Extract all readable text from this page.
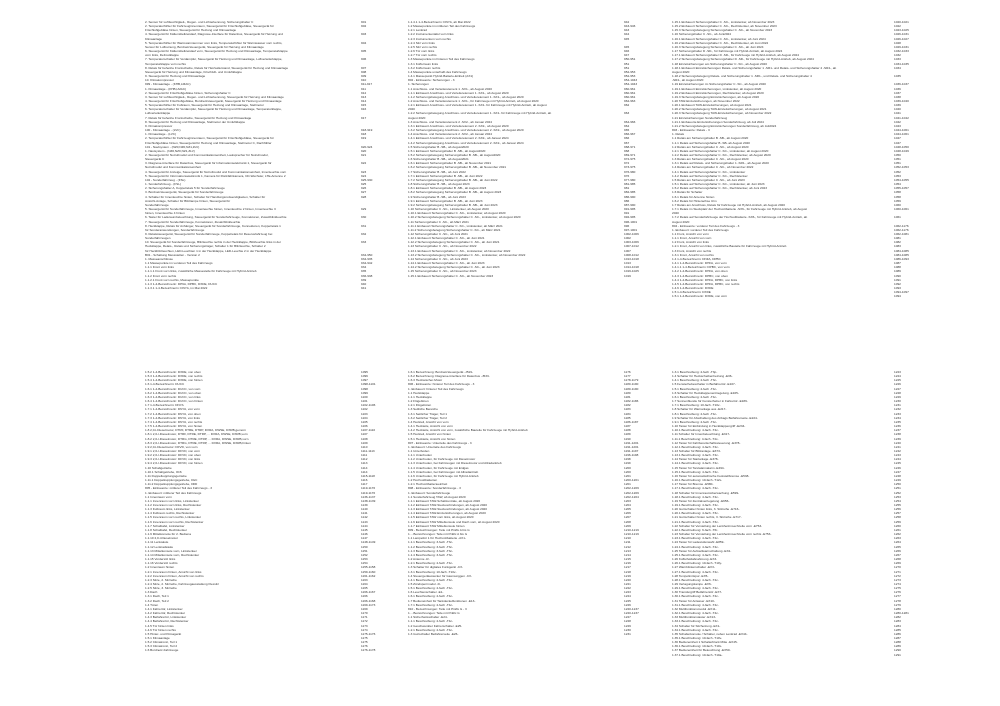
2. Sensor für Luftfeuchtigkeit-, Regen- und Lichterkennung, Sicherungshalter C	901
2. Temperaturfühler für Fahrzeuginnenraum, Steuergerät für Frischluftgebläse, Steuergerät für	902
Frischluftgebläse hinten, Steuergerät für Heizung und Klimaanlage
4. Steuergerät für Kältemittelkreislauf, Diagnose-Interface für Datenbus, Steuergerät für Heizung und	903
Klimaanlage
5. Temperaturfühler für Warmwarmtemmer vom links, Temperaturfühler für Warmwasser vorn rechts,	904
Sensor für Luftreinung, Bordnetzsteuergerät, Steuergerät für Heizung und Klimaanlage
6. Steuergerät für Kältemittelkreislauf vorn, Steuergerät für Heizung und Klimaanlage, Temperaturklappe	905
vorn links, Defrostklappe
7. Temperaturschalter für Verdampfer, Steuergerät für Heizung und Klimaanlage, Luftverteilerklappe,	906
Temperaturklappe vorn rechts
8. Relais für beheizte Frontscheibe, Relais für Heizwiderstand, Steuergerät für Heizung und Klimaanlage	907
Steuergerät für Heizung und Klimaanlage, Frischluft- und Umluftklappe	908
9. Steuergerät für Heizung und Klimaanlage	909
10. Klimakompressor	910
999 - Klimaanlage - (KHB,LMAC)	911-917
1. Klimaanlage - (KHB,LMAC)	911
2. Steuergerät für Frischluftgebläse hinten, Sicherungshalter C	912
3. Sensor für Luftfeuchtigkeit-, Regen- und Lichterkennung, Steuergerät für Heizung und Klimaanlage	913
4. Steuergerät für Frischluftgebläse, Bordnetzsteuergerät, Steuergerät für Heizung und Klimaanlage	914
5. Temperaturfühler für Fußraum, Steuergerät für Heizung und Klimaanlage, Stellmotor	915
6. Temperaturschalter für Verdampfer, Steuergerät für Heizung und Klimaanlage, Temperaturklappe,	916
Luftverteilerklappe
7. Relais für beheizte Frontscheibe, Steuergerät für Heizung und Klimaanlage	917
8. Steuergerät für Heizung und Klimaanlage, Stellmotor der Umluftklappe
9. Klimakompressor
100 - Klimaanlage - (LVC)	918-919
1. Klimaanlage - (LVC)	918
2. Temperaturfühler für Fahrzeuginnenraum, Steuergerät für Frischluftgebläse, Steuergerät für	919
Frischluftgebläse hinten, Steuergerät für Heizung und Klimaanlage, Stellmotor C, Dachfühler
101 - Navisystem - (NZ0,NZ0,NZ1,ZLV)	920-924
1. Navisystem - (NZ0,NZ0,NZ1,ZLV)	920
2. Steuergerät für Notrufmodul und Kommunikationseinheit, Lautsprecher für Notrufmodul,	921
Steuergerät C
3. Diagnose-Interface für Datenbus, Steuergerät für Informationselektronik 1, Steuergerät für	922
Notrufmodul und Kommunikationseinheit
4. Steuergerät für Anzeige, Steuergerät für Notrufmodul und Kommunikationseinheit, Innenleuchte vorn	923
5. Steuergerät für Informationselektronik 1, Kamera für Rückfahrkamera, CD-Wechsler, LTE-Antenne 2	924
102 - Sonderfahrzeug - (FSL)	925-930
1. Sonderfahrzeug - (FSL)	925
2. Sicherungshalter A, Koppelrelais 5 für Sonderfahrzeuge	926
3. Bordnetzsteuergerät, Steuergerät für Sonderfahrzeuge	927
4. Schalter für Innenleuchte hinten, Schalter für Handlungsnotwendigkeiten, Schalter für	928
Ansicht-Anlage, Schalter für Blitzlampe hinten, Steuergerät für
Sonderfahrzeuge
5. Steuergerät für Sonderfahrzeuge, Innenleuchte hinten, Innenleuchte 2 hinten, Innenleuchte 3	929
hinten, Innenleuchte 4 hinten
6. Taster für Laderaumbeleuchtung, Steuergerät für Sonderfahrzeuge, Konnektoren, Zusatzblinkleuchte	930
7. Steuergerät für Sonderfahrzeuge, Konnektoren, Zusatzblinkleuchte
8. Heckklappe, Relais für Anhänger, Steuergerät für Sonderfahrzeuge, Konnektoren, Koppelrelais 1	931
für Sonderanwendungen, Sonderfahrzeuge
9. Relaissteuergerät, Steuergerät für Sonderfahrzeuge, Koppelrelais für Reservefahrzeug bei	932
Sonderfahrzeugen
10. Steuergerät für Sonderfahrzeuge, Blitzleuchte rechts in der Heckklappe, Blitzleuchte links in der	933
Heckklappe, Relais-, Relais und Sicherungsträger, Schalter 1 für Blitzleuchte, Schalter 2
für Heckblitzleuchten, LED-Leuchten 1 in der Heckklappe, LED-Leuchte 2 in der Heckklappe
B01 - Schaltung Messstellen - Version 2	934-950
1. Masseanschlüsse	934-935
1.1 Massepunkte im vorderen Teil des Fahrzeugs	934-942
1.1.1 Front vorn links	934
1.1.1.1 Front vorn links, zusätzliche Massestelle für Fahrzeuge mit Hybrid-Antrieb	935
1.1.2 Front vorn rechts	936-938
1.1.2.1 Front vorn rechts, Massepunkte	939
1.1.3 1-4-Bezeichnerin: DP9A, DPBC, DXDE, DUCC	940
1.1.3.1 1-4-Bezeichnerin: DNYA, im Mai 2022	941
1.1.4.1 1-4-Bezeichnerin: DNYA, ab Mai 2022	942
1.2 Massepunkte im mittleren Teil des Fahrzeugs	943-946
1.2.1 Lenkrad	943
1.2.2 Instrumententafel vorn links	944
1.2.3 Instrumentum vorn rechts	945
1.2.4 Sitz vorn links
1.2.5 Sitz vorn rechts	945
1.2.6 Tür vorn links	946
1.2.7 Tür vorn rechts	947
1.3 Massepunkte im hinteren Teil des Fahrzeugs	950-951
1.3.1 Kofferraum links	951
1.3.2 Kofferraum rechts	951
1.4 Massepunkte unterhalb des Fahrzeugs	952-953
1.4.1 Massepunkt Hybrid-Batterie-Einheit (AX1)	952-953
802 - Einbauorte: Sicherungen - 3	954-1043
1. Sicherungen	954-1043
1.1 Anschluss- und Verteilerelement 1 -SX1-, ab August 2020	960-961
1.1.1 Einbauort Anschluss- und Verteilerelement 1 -SX1-, ab August 2020	960-961
1.1.2 Sicherungsbelegung Anschluss- und Verteilerelement 1 -SX1-, ab August 2020	960-961
1.2 Anschluss- und Verteilerelement 1 -SX1-, für Fahrzeuge mit Hybrid-Antrieb, ab August 2020	962-963
1.2.1 Einbauort Anschluss- und Verteilerelement 1 -SX1- für Fahrzeuge mit Hybrid-Antrieb, ab August	962
2020
1.2.2 Sicherungsbelegung Anschluss- und Verteilerelement 1 -SX1- für Fahrzeuge mit Hybrid-Antrieb, ab	963
August 2020
1.3 Anschluss- und Verteilerelement 2 -SX2-, ab Januar 2024	964-966
1.3.1 Einbauort Anschluss- und Verteilerelement 2 -SX2-, ab August 2020	964
1.3.2 Sicherungsbelegung Anschluss- und Verteilerelement 2 -SX2-, ab August 2020	965
1.4 Anschluss- und Verteilerelement 2 -SX2-, ab Januar 2024	966-967
1.4.1 Einbauort Anschluss- und Verteilerelement 2 -SX2-, ab Januar 2024	966
1.4.2 Sicherungsbelegung Anschluss- und Verteilerelement 2 -SX2-, ab Januar 2024	967
1.5 Sicherungshalter B -SB-, ab August2020	968-971
1.5.1 Einbauort Sicherungshalter B -SB-, ab August2020	968
1.5.2 Sicherungsbelegung Sicherungshalter B -SB-, ab August2020	969-971
1.6 Sicherungshalter B -SB-, ab August2021	972-975
1.6.1 Einbauort Sicherungshalter B -SB-, ab November 2021	972
1.6.2 Sicherungsbelegung Sicherungshalter B -SB-, ab November 2021	973-975
1.7 Sicherungshalter B -SB-, ab Juni 2022	976-980
1.7.1 Einbauort Sicherungshalter B -SB-, ab Juni 2022	976
1.7.2 Sicherungsbelegung Sicherungshalter B -SB-, ab Juni 2022	977-980
1.8 Sicherungshalter B -SB-, ab August 2023	981-985
1.8.1 Einbauort Sicherungshalter B -SB-, ab August 2023	981
1.8.2 Sicherungsbelegung Sicherungshalter B -SB-, ab August 2023	982-985
1.9 Sicherungshalter B -SB-, ab Juni 2023	986-990
1.9.1 Einbauort Sicherungshalter B -SB-, ab Juni 2023	986
1.9.2 Sicherungsbelegung Sicherungshalter B -SB-, ab Juni 2023	987-990
1.10 Sicherungshalter C -SC-, Linkslenker, ab August 2020	991-995
1.10.1 Einbauort Sicherungshalter C -SC-, Linkslenker, ab August 2020	991
1.10.2 Sicherungsbelegung Sicherungshalter C -SC-, Linkslenker, ab August 2020	992-995
1.11 Sicherungshalter C -SC-, ab März 2021	996-1001
1.11.1 Einbauort Sicherungshalter C -SC-, Linkslenker, ab März 2021	996
1.11.2 Sicherungsbelegung Sicherungshalter C -SC-, ab März 2021	997-1001
1.12 Sicherungshalter C -SC-, ab Juni 2021	1002-1006
1.12.1 Einbauort Sicherungshalter C -SC-, ab Juni 2021	1002
1.12.2 Sicherungsbelegung Sicherungshalter C -SC-, ab Juni 2021	1003-1006
1.13 Sicherungshalter C -SC-, ab November 2022	1007-1012
1.13.1 Einbauort Sicherungshalter C -SC-, Linkslenker, ab November 2022	1007
1.13.2 Sicherungsbelegung Sicherungshalter C -SC-, Linkslenker, ab November 2022	1008-1012
1.14 Sicherungshalter C -SC-, ab Juni 2023	1013-1018
1.14.1 Einbauort Sicherungshalter C -SC-, ab Juni 2023	1013
1.14.2 Sicherungsbelegung Sicherungshalter C -SC-, ab Juni 2023	1014-1018
1.15 Sicherungshalter C -SC-, ab November 2023	1019-1025
1.15.1 Einbauort Sicherungshalter C -SC-, ab November 2023	1019
1.15.1 Einbauort Sicherungshalter C -SC-, Linkslenker, ab November 2023	1020-1021
1.15.2 Einbauort Sicherungshalter C -SC-, Rechtslenker, ab November 2023	1022
1.15.3 Sicherungsbelegung Sicherungshalter C -SC-, ab November 2023	1023-1025
1.16 Sicherungshalter C -SC-, ab Juni2024	1026-1031
1.16.1 Einbauort Sicherungshalter C -SC-, Linkslenker, ab Juni 2024	1026-1027
1.16.2 Einbauort Sicherungshalter C -SC-, Rechtslenker, ab Juni 2024	1028
1.16.3 Sicherungsbelegung Sicherungshalter C -SC-, ab Juni 2024	1029-1031
1.17 Sicherungshalter D -SD-, für Fahrzeuge mit Hybrid-Antrieb, ab August 2024	1032-1033
1.17.1 Einbauort Sicherungshalter D -SD-, für Fahrzeuge mit Hybrid-Antrieb, ab August 2024	1032
1.17.2 Sicherungsbelegung Sicherungshalter D -SD-, für Fahrzeuge mit Hybrid-Antrieb, ab August 2024	1033
1.18 Einzelsicherungen am Sicherungshalter C -SC-, ab August 2020	1034-1035
1.18.1 Einbauort Einzelsicherungen Relais- und Sicherungshalter 1 -SR1- und Relais- und Sicherungshalter 4 -SR4-, ab	1034
August 2020
1.18.2 Sicherungsbelegung Relais- und Sicherungshalter 1 -SR1-, und Relais- und Sicherungshalter 4	1035
-SR4-, ab August 2020
1.19 Einzelsicherungen im Sicherungshalter C -SC-, ab August 2020	1036-1037
1.19.1 Einbauort Einzelsicherungen, Linkslenker, ab August 2020	1036
1.19.2 Einbauort Einzelsicherungen, Rechtslenker, ab August 2020	1037
1.19.3 Sicherungsbelegung Einzelsicherungen, ab August 2020	1038
1.20 TAW-Einzelsicherungen, ab November 2022	1039-1040
1.20.1 Einbauort TAW-Einzelsicherungen, ab August 2021	1039
1.20.2 Sicherungsbelegung TAW-Einzelsicherungen, ab August 2021	1040
1.20.3 Sicherungsbelegung TAW-Einzelsicherungen, ab November 2022	1041
1.21 Einzelsicherungen Sonderfahrzeug	1041-1042
1.21.1 Einbauorte Einzelsicherungen Sonderfahrzeug, ab Juli 2024	1042
1.21.2 Sicherungsbelegung Einzelsicherungen Sonderfahrzeug, ab Juli2024	1043
803 - Einbauorte: Relais - 3	1044-1061
1. Relais	1044-1061
1.1 Relais am Sicherungshalter B -SB-, ab August 2020	1047
1.1.1 Relais auf Sicherungshalter B -SB- ab August 2020	1047
1.2 Relais am Sicherungshalter C -SC-, ab August 2020	1048-1050
1.2.1 Relais auf Sicherungshalter C -SC-, Linkslenker, ab August 2020	1048-1049
1.2.2 Relais auf Sicherungshalter C -SC-, Rechtslenker, ab August 2020	1050
1.3 Relais am Sicherungshalter C -SC-, ab August 2020	1051
1.3.1 Relais auf Relais- und Sicherungshalter 1 -SR1-, ab August 2020	1051
1.4 Relais am Sicherungshalter C -SC-, ab November 2022	1052-1053
1.4.1 Relais auf Sicherungshalter C -SC-, Linkslenker	1052
1.4.2 Relais auf Sicherungshalter C -SC-, Rechtslenker	1053
1.5 Relais am Sicherungshalter C -SC-, ab Juni 2023	1054-1055
1.5.1 Relais auf Sicherungshalter C -SC-, Linkslenker, ab Juni 2023	1054
1.5.2 Relais auf Sicherungshalter C -SC-, Rechtslenker, ab Juni 2023	1055-1057
1.6 Relais für Schalter	1058
1.6.1 Relais für Antenne hinten	1058
1.6.2 Relais für Hinterachse Ulm	1059
1.7 Relais am Anschluss, Relais für Fahrzeuge mit Hybrid-Antrieb, ab August 2020	1060
1.7.1 Relais im Steckplatz der Hochvoltbatterie -SX6-, für Fahrzeuge mit Hybrid-Antrieb, ab August	1060-1061
2020
1.7.2 Relais auf Sonderfahrzeuge der Hochvoltbatterie -SX6-, für Fahrzeuge mit Hybrid-Antrieb, ab	1061
August 2020
804 - Einbauorte: vorderer Teil des Fahrzeugs - 3	1062-1176
1. Einbauort: vorderer Teil des Fahrzeugs	1062-1176
1.1 Front, Ansicht von vorn	1062-1081
1.1.1 Front, Ansicht von vorn	1081
1.2 Front, Ansicht von links	1082
1.2.1 Front, Ansicht von links, zusätzliche Bauteile für Fahrzeuge mit Hybrid-Antrieb	1083
1.3 Front, Ansicht von rechts	1084-1085
1.3.1 Front, Ansicht von rechts	1084-1085
1.4 1-4-Bezeichnerin: DNFA, DPBC	1086-1093
1.4.1 1-4-Bezeichnerin: DHFA, von vorn	1087
1.4.1.1 1-4-Bezeichnerin: DPBC, von vorn	1088
1.4.2 1-4-Bezeichnerin: DHFA, von oben	1089
1.4.3 1-4-Bezeichnerin: DPBC, von oben	1090
1.4.4 1-4-Bezeichnerin: DHFA, DPBC, von links	1091
1.4.5 1-4-Bezeichnerin: DHFA, DPBC, von rechts	1092
1.4.6 1-4-Bezeichnerin: DXDE	1093
1.5 1-4-Bezeichnerin: DXDE	1094-1097
1.5.1 1-4-Bezeichnerin: DXDE, von vorn	1094
1.5.2 1-4-Bezeichnerin: DXDE, von oben	1095
1.5.3 1-4-Bezeichnerin: DXDE, von rechts	1096
1.5.4 1-4-Bezeichnerin: DXDE, von hinten	1097
1.6 1-4-Bezeichnerin: DUCC	1098-1101
1.6.1 1-4-Bezeichnerin: DUCC, von vorn	1098
1.6.2 1-4-Bezeichnerin: DUCC, von oben	1099
1.6.3 1-4-Bezeichnerin: DUCC, von links	1100
1.6.4 1-4-Bezeichnerin: DUCC, von hinten	1101
1.7 1-4-Bezeichnerin: DNYA	1102-1106
1.7.1 1-4-Bezeichnerin: DNYA, von vorn	1102
1.7.2 1-4-Bezeichnerin: DNYA, von oben	1103
1.7.3 1-4-Bezeichnerin: DNYA, von links	1104
1.7.4 1-4-Bezeichnerin: DNYA, von rechts	1105
1.7.5 1-4-Bezeichnerin: DNYA, von hinten	1106
1.8 2,0-l-Dieselmotor, DTRF, DTRE, DTRP, DXRA, DWSE, DXRB,gemorn	1107-1110
1.8.1 2,0-l-Dieselmotor, DTRF, DTRE, DTRP, ... DXRA, DWSE, DXRB,vorn	1107
1.8.2 2,0-l-Dieselmotor, DTRG, DTRE, DTRP, ... DXRA, DWSE, DXRB,vorn	1108
1.8.3 2,0-l-Dieselmotor, DTRG, DTRE, DTRP, ... DXRA, DWSE, DXRB,hinten	1109
1.9 2,0-l-Dieselmotor: DFVD, von vorn	1110
1.9.1 2,0-l-Dieselmotor: DFVD, von vorn	1111-1113
1.9.2 2,0-l-Dieselmotor: DFVD, von oben	1111
1.9.3 2,0-l-Dieselmotor: DFVD, von links	1112
1.9.4 2,0-l-Dieselmotor: DFVD, von hinten	1113
1.10 Schaltgetriebe	1114
1.10.1 Schaltgetriebe, 0C6	1114
1.11 Doppelkupplungsgetriebe	1115-1118
1.11.1 Doppelkupplungsgetriebe, 0GC	1116
1.11.2 Doppelkupplungsgetriebe, 0DD	1117
805 - Einbauorte: mittlerer Teil des Fahrzeugs - 3	1119-1176
1. Einbauort: mittlerer Teil des Fahrzeugs	1119-1176
1.1 Innenraum vorn	1136-1137
1.1.1 Innenraum vorn links, Linkslenker	1138-1139
1.1.2 Innenraum vorn links, Rechtslenker	1139
1.1.3 Fußraum links, Linkslenker	1140
1.1.4 Fußraum rechts, Rechtslenker	1141
1.1.5 Innenraum vorn rechts, Linkslenker	1142
1.1.6 Innenraum vorn rechts, Rechtslenker	1143
1.1.7 Schalttafel, Linkslenker	1144
1.1.8 Schalttafel, Rechtslenker	1145
1.1.9 Mittelkonsole für 2. Bediena	1146
1.1.10 2,0-l-Dieselmotor	1147
1.1.11 Lenksäule	1148-1149
1.1.12 Lenkradsäule	1150
1.1.13 Mittelkonsole vorn, Linkslenker	1151
1.1.14 Mittelkonsole vorn, Rechtslenker	1152
1.1.15 Vordersitz links	1153
1.1.16 Vordersitz rechts	1154
1.2 Innenraum hinten	1155-1158
1.2.1 Innenraum hinten, Ansicht von links	1159-1160
1.2.2 Innenraum hinten, Ansicht von rechts	1161-1162
1.2.3 Sitze, 2. Sitzreihe	1163
1.2.4 Sitze, 2. Sitzreihe, Fahrzeugausstattung Flexsitz	1164
1.2.5 Sitze, 3. Sitzreihe	1165
1.3 Dach	1166-1167
1.3.1 Dach, Teil 1	1166
1.3.2 Dach, Teil 2	1166-1168
1.4 Türen	1169-1173
1.4.1 Fahrertür, Linkslenker	1169
1.4.2 Fahrertür, Rechtslenker	1170
1.4.3 Beifahrertür, Linkslenker	1171
1.4.4 Beifahrertür, Rechtslenker	1172
1.4.5 Tür hinten links	1173
1.4.6 Tür hinten rechts	1174
1.5 Hinter- und Klimagerät	1175-1176
1.5.1 Klimaanlage	1175
1.5.2 Climatronic, Teil 1	1175
1.5.3 Climatronic, Teil 2	1176
1.6 Bordnetz-Fahrzeuge	1176-1178
1.6.1 Bezeichnung: Bordnetzsteuergerät -J519-	1176
1.6.2 Bezeichnung: Diagnose-Interface für Datenbus -J533-	1177
1.6.3 Heckwischer-Motor	1178-1179
806 - Einbauorte: hinterer Teil des Fahrzeugs - 3	1180-1190
1. Einbauort: hinterer Teil des Fahrzeugs	1180-1190
1.1 Heckklappe	1180
1.1.1 Heckklappe	1181
1.2 Flügeltüren	1182-1186
1.2.1 Flügeltüren	1182
1.3 Seitliche Bereiche	1183
1.3.1 Seitlicher Träger, Teil 1	1184
1.3.2 Seitlicher Träger, Teil 2	1185
1.4 Heckteil, Ansicht von vorn	1186-1187
1.4.1 Heckteile, Ansicht von vorn	1187
1.4.2 Heckteile, Ansicht von vorn, zusätzliche Bauteile für Fahrzeuge mit Hybrid-Antrieb	1188
1.5 Heckteil, Ansicht von hinten	1189
1.5.1 Heckteile, Ansicht von hinten	1190
807 - Einbauorte: Unterteile des Fahrzeugs - 3	1191-1201
1. Einbauort: Unterteile des Fahrzeugs	1191-1201
1.1 Unterboden	1191-1197
1.1.1 Unterboden	1196-1198
1.1.2 Unterboden, für Fahrzeuge mit Dieselmotor	1198
1.1.3 Unterboden, bei Fahrzeugen mit Dieselmotor und Allradantrieb	1199
1.1.4 Unterboden, für Fahrzeuge mit Erdgas	1200
1.1.5 Unterboden, bei Fahrzeugen mit Allradantrieb	1200
1.1.6 Unterboden, für Fahrzeuge mit Hybrid-Antrieb	1201
1.2 Hochvoltbatterien	1200-1201
1.2.1 Hochvoltbatterieeinheit	1201
808 - Einbauorte: Sonderfahrzeuge - 3	1202-1209
1. Einbauort: Sonderfahrzeuge	1202-1209
1.1 Sonderfahrzeug TAW, ab August 2020	1202-1204
1.1.1 Einbauort TAW-Schaltzentrale, ab August 2020	1203
1.1.2 Einbauort TAW-Steckverbindungen, ab August 2020	1204
1.1.3 Einbauort TAW-Steckverbindungen, ab August 2020	1205
1.1.4 Einbauort TAW-Einzelsicherungen, ab August 2020	1206
1.1.5 Einbauort TAW vorn links, ab August 2020	1207
1.1.6 Einbauort TAW Mittelkonsole und Dach vorn, ab August 2020	1208
1.1.7 Einbauort TAW Mittelkonsole hinten	1209
809 - Bezeichnungen: Teile mit Präfix A bis G	1210-1219
1. - Bezeichnungen: Teile mit Präfix A bis G	1210-1219
1.1 Lampeltür 1 für Hochvoltbatterie -AX1-	1210
1.1.1 Beschreibung: 3-fach -T3c-	1211
1.1.2 Beschreibung: 3-fach -T3c-	1212
1.1.3 Beschreibung: 3-fach -T3c-	1213
1.1.4 Beschreibung: 3-fach -T3c-	1214
1.2 Antenne -R-	1215
1.2.1 Beschreibung: 4-fach -T4c-	1216
1.3 Schalter für digitales Funkgerät -CX-	1217
1.3.1 Beschreibung: 10-fach -T10v-	1218
1.4 Steuergerätestecker für Gasmunggen -CX-	1219
1.4.1 Beschreibung: 4-fach -T4c-	1220
1.5 Zündsperrmodul -D-	1221
1.5.1 Beschreibung: 4-fach -T4c-	1222
1.6 Leuchtenschalter -E1-	1223
1.6.1 Beschreibung: 4-fach -T4c-	1224
1.7 Bedieneinheit für Tankdeckelfunktionen -E13-	1225
1.7.1 Beschreibung: 4-fach -T4c-	1226
810 - Bezeichnungen: Teile mit Präfix G - 3	1220-1237
1. - Bezeichnungen: Teile mit Präfix G	1220-1237
1.1 Sicherheitsschalter -E24-	1227
1.1.1 Beschreibung: 4-fach -T4c-	1228
1.2 Geschwenkter Fahrerschalter -E25-	1229
1.2.1 Beschreibung: 4-fach -T4c-	1230
1.3 Gurtschalter Beifahrerseite -E26-	1231
1.3.1 Beschreibung: 4-fach -T3p-	1223
1.4 Schalter für Heckscheibenheizung -E36-	1224
1.4.1 Beschreibung: 4-fach -T3c-	1225
1.5 Fensterhebeschalter in Beifahrertür -E107-	1226
1.5.1 Beschreibung: 4-fach -T4c-	1227
1.6 Schalter für Heckklappenentriegelung -E165-	1228
1.6.1 Beschreibung: 4-fach -T4c-	1229
1.7 Sonnenblende für Fensterheber in Fahrertür -E189-	1230
1.7.1 Beschreibung: 10-fach -T10v-	1231
1.8 Schalter für Warnanlage aus -E217-	1232
1.8.1 Beschreibung: 4-fach -T4c-	1233
1.9 Schalter für Abschaltung des Airbags Beifahrerseite -E224-	1234
1.9.1 Beschreibung: 4-fach -T4c-	1235
1.10 Taster für Einbindung in Heckklappengriff -E234-	1236
1.10.1 Beschreibung: 4-fach -T4c-	1237
1.11 Schalter für Innenbeleuchtung -E317-	1238
1.11.1 Beschreibung: 4-fach -T4c-	1239
1.12 Taster für Fahrbereitschaftssteuerung -E378-	1240
1.12.1 Beschreibung: 4-fach -T4c-	1241
1.13 Schalter für Blitzanlage -E373-	1242
1.13.1 Beschreibung: 4-fach -T4c-	1243
1.14 Taster für Startanlage -E378-	1244
1.14.1 Beschreibung: 4-fach -T4c-	1245
1.15 Taster für Tanzalarmalarm -E494-	1246
1.15.1 Beschreibung: 4-fach -T4c-	1247
1.16 Taster für automatischische Feststellbremse -E538-	1248
1.16.1 Beschreibung: 10-fach -T12x-	1249
1.17 Taster für Bremse -E580-	1250
1.17.1 Beschreibung: 4-fach -T4c-	1251
1.18 Schalter für Innenraumüberwachung -E599-	1252
1.18.1 Beschreibung: 4-fach -T4c-	1253
1.19 Taster für Zentralverriegelung -E656-	1254
1.19.1 Beschreibung: 4-fach -T4c-	1255
1.20 Gurtschalter hinten links, 3. Sitzreihe -E716-	1256
1.20.1 Beschreibung: 4-fach -T3c-	1257
1.21 Gurtschalter hinten rechts, 3. Sitzreihe -E717-	1258
1.21.1 Beschreibung: 4-fach -T3c-	1259
1.22 Schalter für Verstellung der Lenkheizmsechzelte vorn -E753-	1260
1.22.1 Beschreibung: 6-fach -T6r-	1261
1.23 Schalter für Verstellung der Lenkheizmsechzelte vorn rechts -E753-	1262
1.23.1 Beschreibung: 4-fach -T4c-	1263
1.24 Taster für Ladestufenwahl -E859-	1264
1.24.1 Beschreibung: 4-fach -T4c-	1265
1.25 Taster für Aufstellwarnschaltung -EX2-	1266
1.25.1 Beschreibung: 4-fach -T4c-	1267
1.26 Kofferfeldabnahmung -EX3-	1268
1.26.1 Beschreibung: 10-fach -T10y-	1269
1.27 Warnblinkerschalter -EX3-	1270
1.27.1 Beschreibung: 4-fach -T4c-	1271
1.28 Tempolimitspur -EX5-	1272
1.28.1 Beschreibung: 4-fach -T4c-	1273
1.29 Vertagungslampe -EX6-	1274
1.29.1 Beschreibung: 4-fach -T4c-	1275
1.30 Transfergriff Beifahrersitz -EX7-	1276
1.30.1 Beschreibung: 4-fach -T4c-	1277
1.31 Taster für Anlasser -EX10-	1278
1.31.1 Beschreibung: 4-fach -T4c-	1279
1.32 Multifunktionsmodul -EX11-	1280
1.32.1 Beschreibung: 4-fach -T4c-	1280-1281
1.33 Multifunktionstaster -EX13-	1282
1.33.1 Beschreibung: 4-fach -T4c-	1283
1.34 Schalter für Sitzheizung -EX1-	1284
1.34.1 Beschreibung: 4-fach -T4c-	1285
1.35 Schalterkonsole / Schalter, neben Lenkrad -EX44-	1286
1.35.1 Beschreibung: 10-fach -T10v-	1287
1.36 Bedieneinheit 1 Schalterblock Mitte -EX45-	1288
1.36.1 Beschreibung: 10-fach -T10x-	1289
1.37 Bedieneinheit für Beleuchtung -EX50-	1290
1.37.1 Beschreibung: 10-fach -T10a-	1291
